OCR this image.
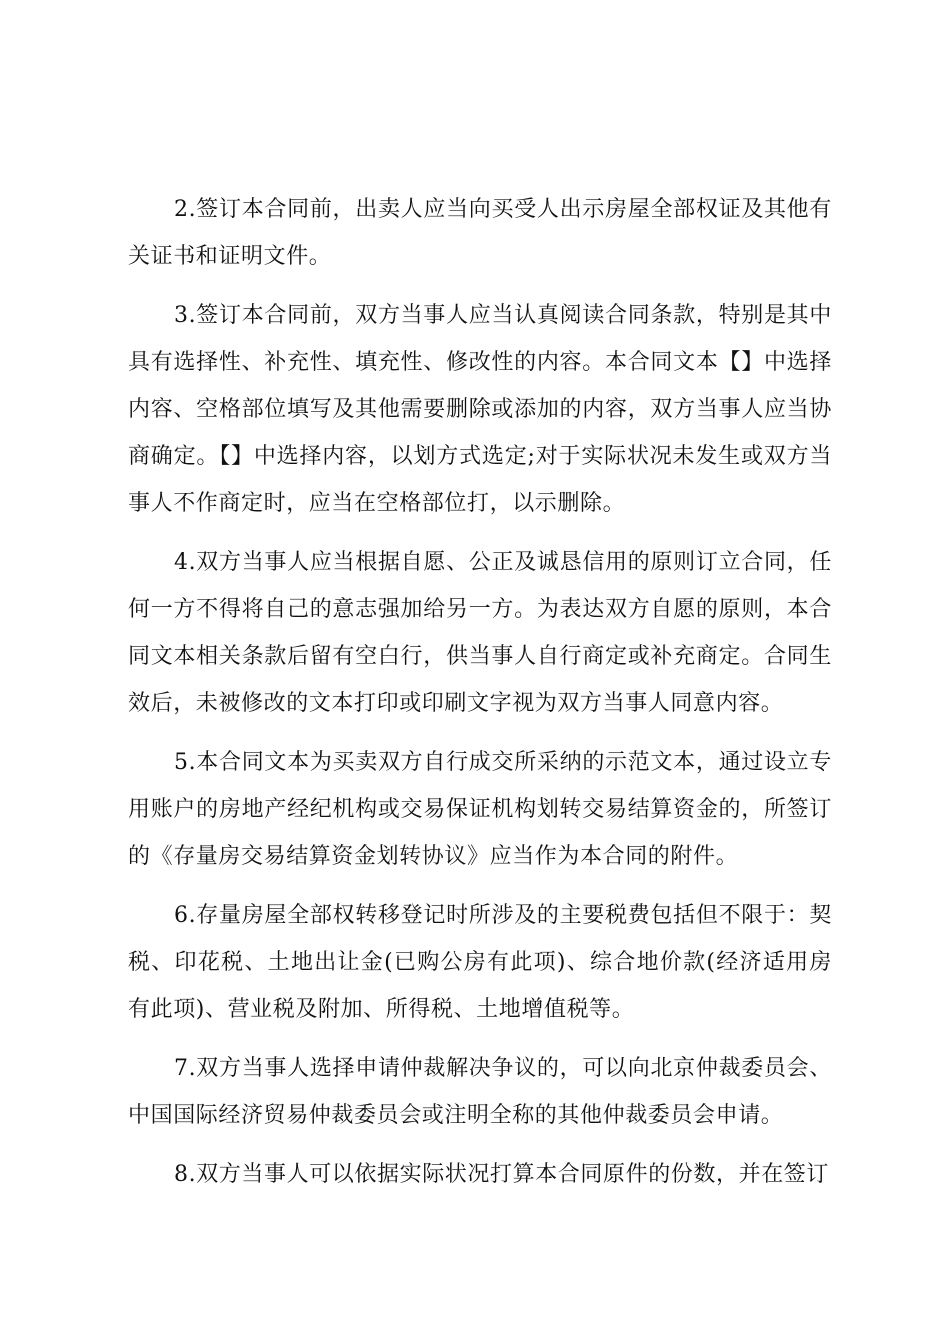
2.签订本合同前，出卖人应当向买受人出示房屋全部权证及其他有关证书和证明文件。

3.签订本合同前，双方当事人应当认真阅读合同条款，特别是其中具有选择性、补充性、填充性、修改性的内容。本合同文本【】中选择内容、空格部位填写及其他需要删除或添加的内容，双方当事人应当协商确定。【】中选择内容，以划方式选定;对于实际状况未发生或双方当事人不作商定时，应当在空格部位打，以示删除。

4.双方当事人应当根据自愿、公正及诚恳信用的原则订立合同，任何一方不得将自己的意志强加给另一方。为表达双方自愿的原则，本合同文本相关条款后留有空白行，供当事人自行商定或补充商定。合同生效后，未被修改的文本打印或印刷文字视为双方当事人同意内容。

5.本合同文本为买卖双方自行成交所采纳的示范文本，通过设立专用账户的房地产经纪机构或交易保证机构划转交易结算资金的，所签订的《存量房交易结算资金划转协议》应当作为本合同的附件。

6.存量房屋全部权转移登记时所涉及的主要税费包括但不限于：契税、印花税、土地出让金(已购公房有此项)、综合地价款(经济适用房有此项)、营业税及附加、所得税、土地增值税等。

7.双方当事人选择申请仲裁解决争议的，可以向北京仲裁委员会、中国国际经济贸易仲裁委员会或注明全称的其他仲裁委员会申请。

8.双方当事人可以依据实际状况打算本合同原件的份数，并在签订
